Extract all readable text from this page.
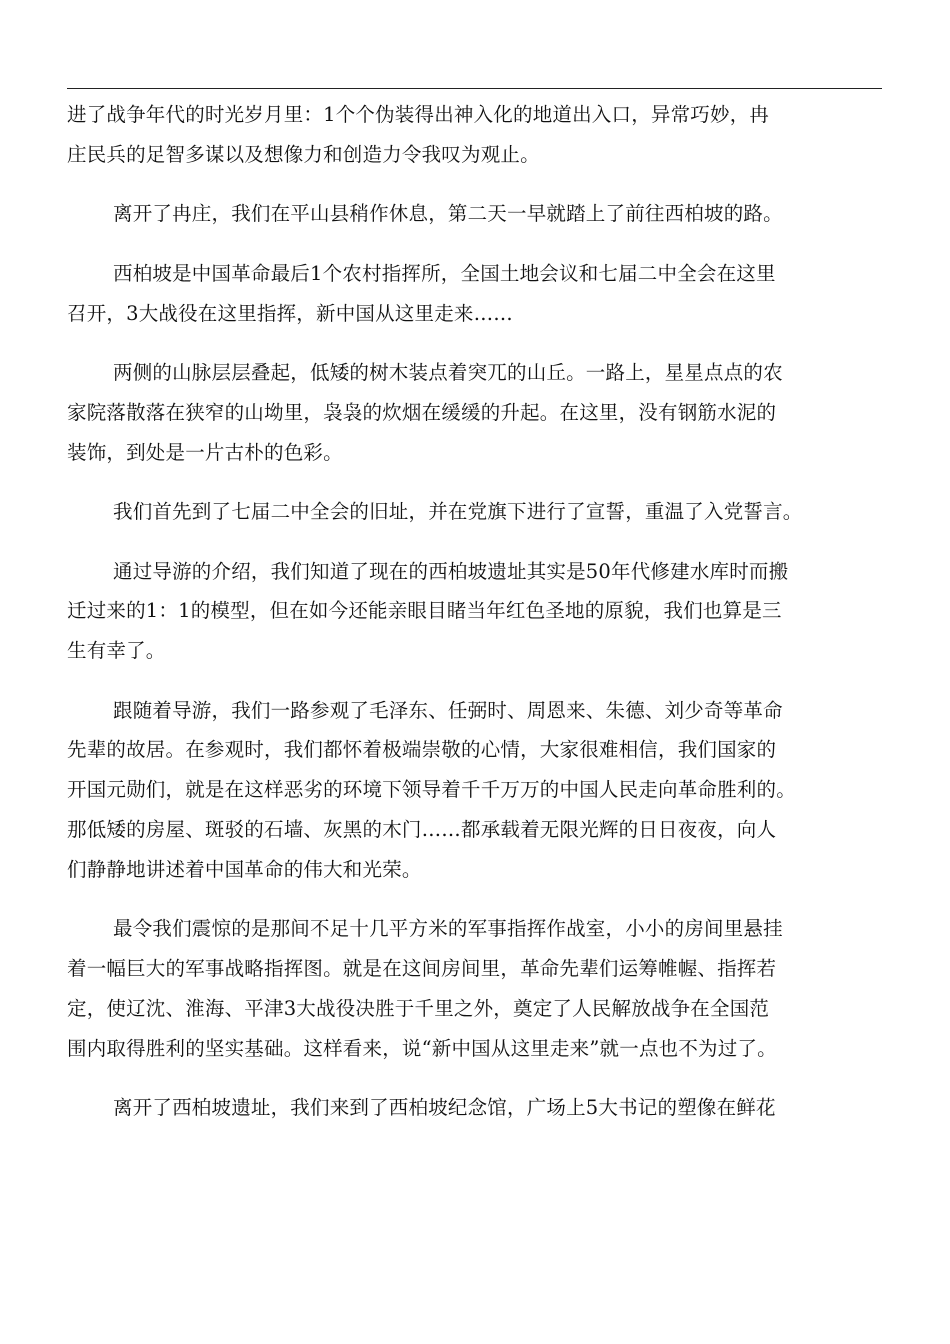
进了战争年代的时光岁月里：1个个伪装得出神入化的地道出入口，异常巧妙，冉
庄民兵的足智多谋以及想像力和创造力令我叹为观止。
离开了冉庄，我们在平山县稍作休息，第二天一早就踏上了前往西柏坡的路。
西柏坡是中国革命最后1个农村指挥所，全国土地会议和七届二中全会在这里
召开，3大战役在这里指挥，新中国从这里走来……
两侧的山脉层层叠起，低矮的树木装点着突兀的山丘。一路上，星星点点的农
家院落散落在狭窄的山坳里，袅袅的炊烟在缓缓的升起。在这里，没有钢筋水泥的
装饰，到处是一片古朴的色彩。
我们首先到了七届二中全会的旧址，并在党旗下进行了宣誓，重温了入党誓言。
通过导游的介绍，我们知道了现在的西柏坡遗址其实是50年代修建水库时而搬
迁过来的1：1的模型，但在如今还能亲眼目睹当年红色圣地的原貌，我们也算是三
生有幸了。
跟随着导游，我们一路参观了毛泽东、任弼时、周恩来、朱德、刘少奇等革命
先辈的故居。在参观时，我们都怀着极端崇敬的心情，大家很难相信，我们国家的
开国元勋们，就是在这样恶劣的环境下领导着千千万万的中国人民走向革命胜利的。
那低矮的房屋、斑驳的石墙、灰黑的木门……都承载着无限光辉的日日夜夜，向人
们静静地讲述着中国革命的伟大和光荣。
最令我们震惊的是那间不足十几平方米的军事指挥作战室，小小的房间里悬挂
着一幅巨大的军事战略指挥图。就是在这间房间里，革命先辈们运筹帷幄、指挥若
定，使辽沈、淮海、平津3大战役决胜于千里之外，奠定了人民解放战争在全国范
围内取得胜利的坚实基础。这样看来，说“新中国从这里走来”就一点也不为过了。
离开了西柏坡遗址，我们来到了西柏坡纪念馆，广场上5大书记的塑像在鲜花
